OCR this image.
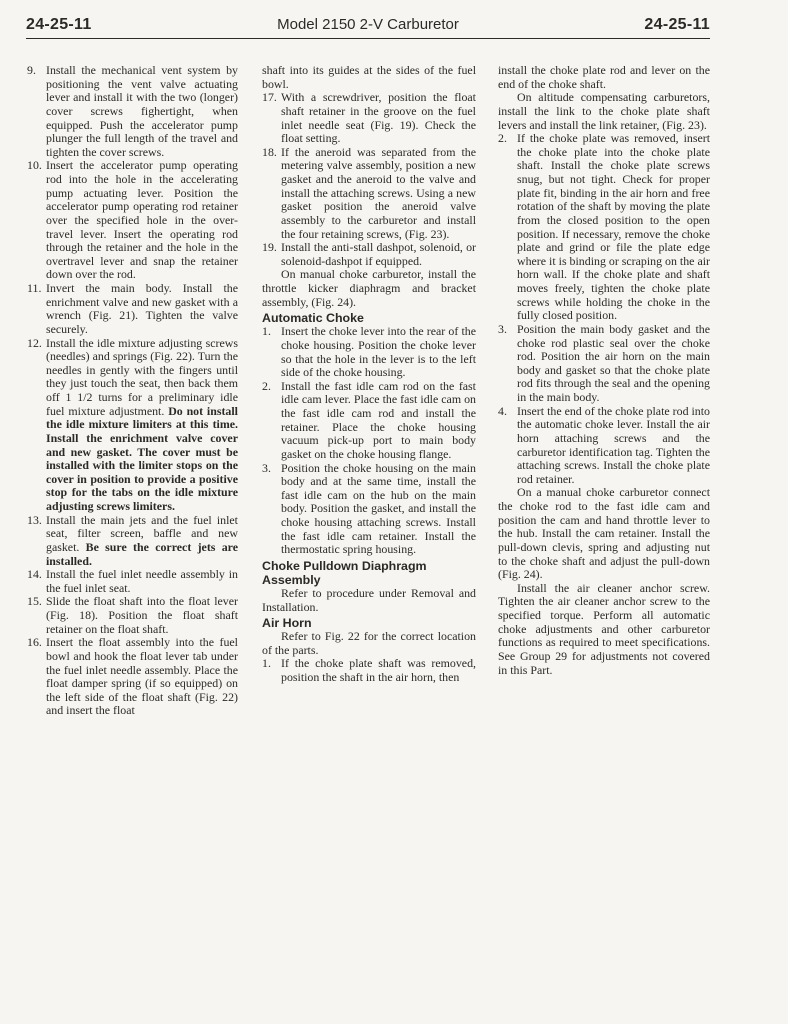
24-25-11	Model 2150 2-V Carburetor	24-25-11
9. Install the mechanical vent system by positioning the vent valve actuating lever and install it with the two (longer) cover screws fighertight, when equipped. Push the accelerator pump plunger the full length of the travel and tighten the cover screws.
10. Insert the accelerator pump operating rod into the hole in the accelerating pump actuating lever. Position the accelerator pump operating rod retainer over the specified hole in the over-travel lever. Insert the operating rod through the retainer and the hole in the overtravel lever and snap the retainer down over the rod.
11. Invert the main body. Install the enrichment valve and new gasket with a wrench (Fig. 21). Tighten the valve securely.
12. Install the idle mixture adjusting screws (needles) and springs (Fig. 22). Turn the needles in gently with the fingers until they just touch the seat, then back them off 1 1/2 turns for a preliminary idle fuel mixture adjustment. Do not install the idle mixture limiters at this time. Install the enrichment valve cover and new gasket. The cover must be installed with the limiter stops on the cover in position to provide a positive stop for the tabs on the idle mixture adjusting screws limiters.
13. Install the main jets and the fuel inlet seat, filter screen, baffle and new gasket. Be sure the correct jets are installed.
14. Install the fuel inlet needle assembly in the fuel inlet seat.
15. Slide the float shaft into the float lever (Fig. 18). Position the float shaft retainer on the float shaft.
16. Insert the float assembly into the fuel bowl and hook the float lever tab under the fuel inlet needle assembly. Place the float damper spring (if so equipped) on the left side of the float shaft (Fig. 22) and insert the float
shaft into its guides at the sides of the fuel bowl.
17. With a screwdriver, position the float shaft retainer in the groove on the fuel inlet needle seat (Fig. 19). Check the float setting.
18. If the aneroid was separated from the metering valve assembly, position a new gasket and the aneroid to the valve and install the attaching screws. Using a new gasket position the aneroid valve assembly to the carburetor and install the four retaining screws, (Fig. 23).
19. Install the anti-stall dashpot, solenoid, or solenoid-dashpot if equipped.
On manual choke carburetor, install the throttle kicker diaphragm and bracket assembly, (Fig. 24).
Automatic Choke
1. Insert the choke lever into the rear of the choke housing. Position the choke lever so that the hole in the lever is to the left side of the choke housing.
2. Install the fast idle cam rod on the fast idle cam lever. Place the fast idle cam on the fast idle cam rod and install the retainer. Place the choke housing vacuum pick-up port to main body gasket on the choke housing flange.
3. Position the choke housing on the main body and at the same time, install the fast idle cam on the hub on the main body. Position the gasket, and install the choke housing attaching screws. Install the fast idle cam retainer. Install the thermostatic spring housing.
Choke Pulldown Diaphragm Assembly
Refer to procedure under Removal and Installation.
Air Horn
Refer to Fig. 22 for the correct location of the parts.
1. If the choke plate shaft was removed, position the shaft in the air horn, then
install the choke plate rod and lever on the end of the choke shaft.
On altitude compensating carburetors, install the link to the choke plate shaft levers and install the link retainer, (Fig. 23).
2. If the choke plate was removed, insert the choke plate into the choke plate shaft. Install the choke plate screws snug, but not tight. Check for proper plate fit, binding in the air horn and free rotation of the shaft by moving the plate from the closed position to the open position. If necessary, remove the choke plate and grind or file the plate edge where it is binding or scraping on the air horn wall. If the choke plate and shaft moves freely, tighten the choke plate screws while holding the choke in the fully closed position.
3. Position the main body gasket and the choke rod plastic seal over the choke rod. Position the air horn on the main body and gasket so that the choke plate rod fits through the seal and the opening in the main body.
4. Insert the end of the choke plate rod into the automatic choke lever. Install the air horn attaching screws and the carburetor identification tag. Tighten the attaching screws. Install the choke plate rod retainer.
On a manual choke carburetor connect the choke rod to the fast idle cam and position the cam and hand throttle lever to the hub. Install the cam retainer. Install the pull-down clevis, spring and adjusting nut to the choke shaft and adjust the pull-down (Fig. 24).
Install the air cleaner anchor screw. Tighten the air cleaner anchor screw to the specified torque. Perform all automatic choke adjustments and other carburetor functions as required to meet specifications. See Group 29 for adjustments not covered in this Part.
